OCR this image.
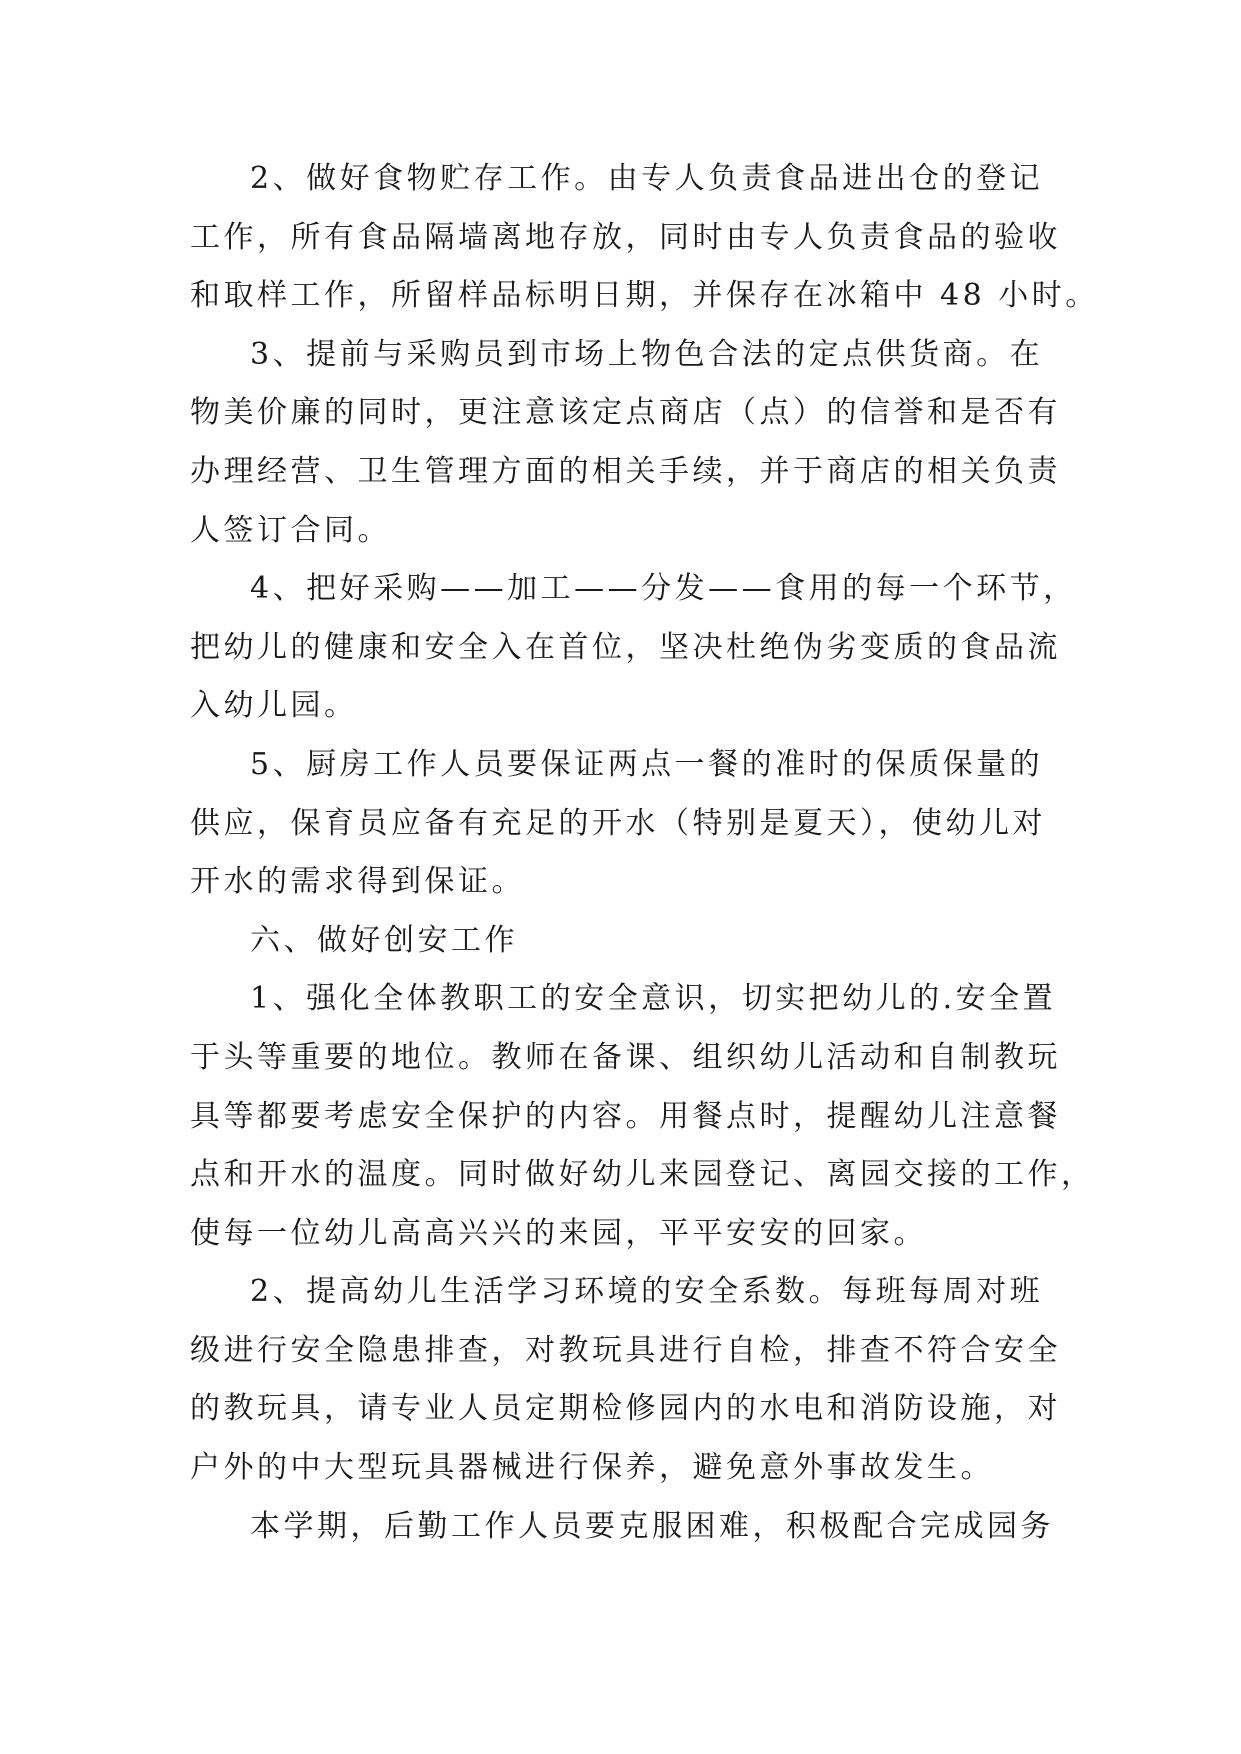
2、做好食物贮存工作。由专人负责食品进出仓的登记
工作，所有食品隔墙离地存放，同时由专人负责食品的验收
和取样工作，所留样品标明日期，并保存在冰箱中 48 小时。

3、提前与采购员到市场上物色合法的定点供货商。在
物美价廉的同时，更注意该定点商店（点）的信誉和是否有
办理经营、卫生管理方面的相关手续，并于商店的相关负责
人签订合同。

4、把好采购——加工——分发——食用的每一个环节，
把幼儿的健康和安全入在首位，坚决杜绝伪劣变质的食品流
入幼儿园。

5、厨房工作人员要保证两点一餐的准时的保质保量的
供应，保育员应备有充足的开水（特别是夏天），使幼儿对
开水的需求得到保证。

六、做好创安工作

1、强化全体教职工的安全意识，切实把幼儿的.安全置
于头等重要的地位。教师在备课、组织幼儿活动和自制教玩
具等都要考虑安全保护的内容。用餐点时，提醒幼儿注意餐
点和开水的温度。同时做好幼儿来园登记、离园交接的工作，
使每一位幼儿高高兴兴的来园，平平安安的回家。

2、提高幼儿生活学习环境的安全系数。每班每周对班
级进行安全隐患排查，对教玩具进行自检，排查不符合安全
的教玩具，请专业人员定期检修园内的水电和消防设施，对
户外的中大型玩具器械进行保养，避免意外事故发生。

本学期，后勤工作人员要克服困难，积极配合完成园务
